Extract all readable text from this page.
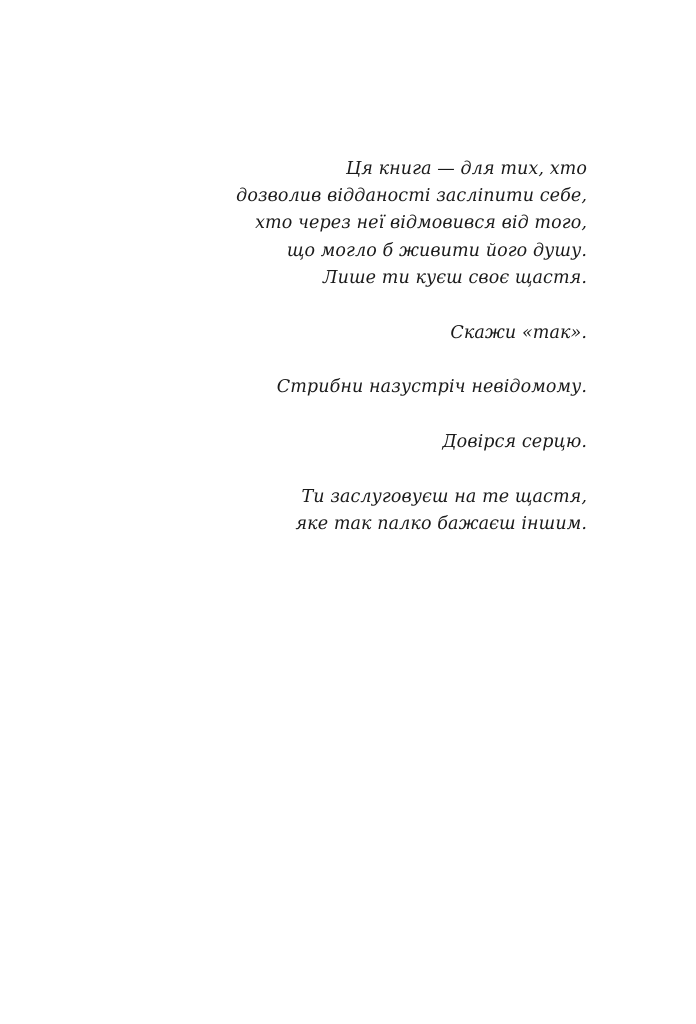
Ця книга — для тих, хто
дозволив відданості засліпити себе,
хто через неї відмовився від того,
що могло б живити його душу.
Лише ти куєш своє щастя.

Скажи «так».

Стрибни назустріч невідомому.

Довірся серцю.

Ти заслуговуєш на те щастя,
яке так палко бажаєш іншим.
